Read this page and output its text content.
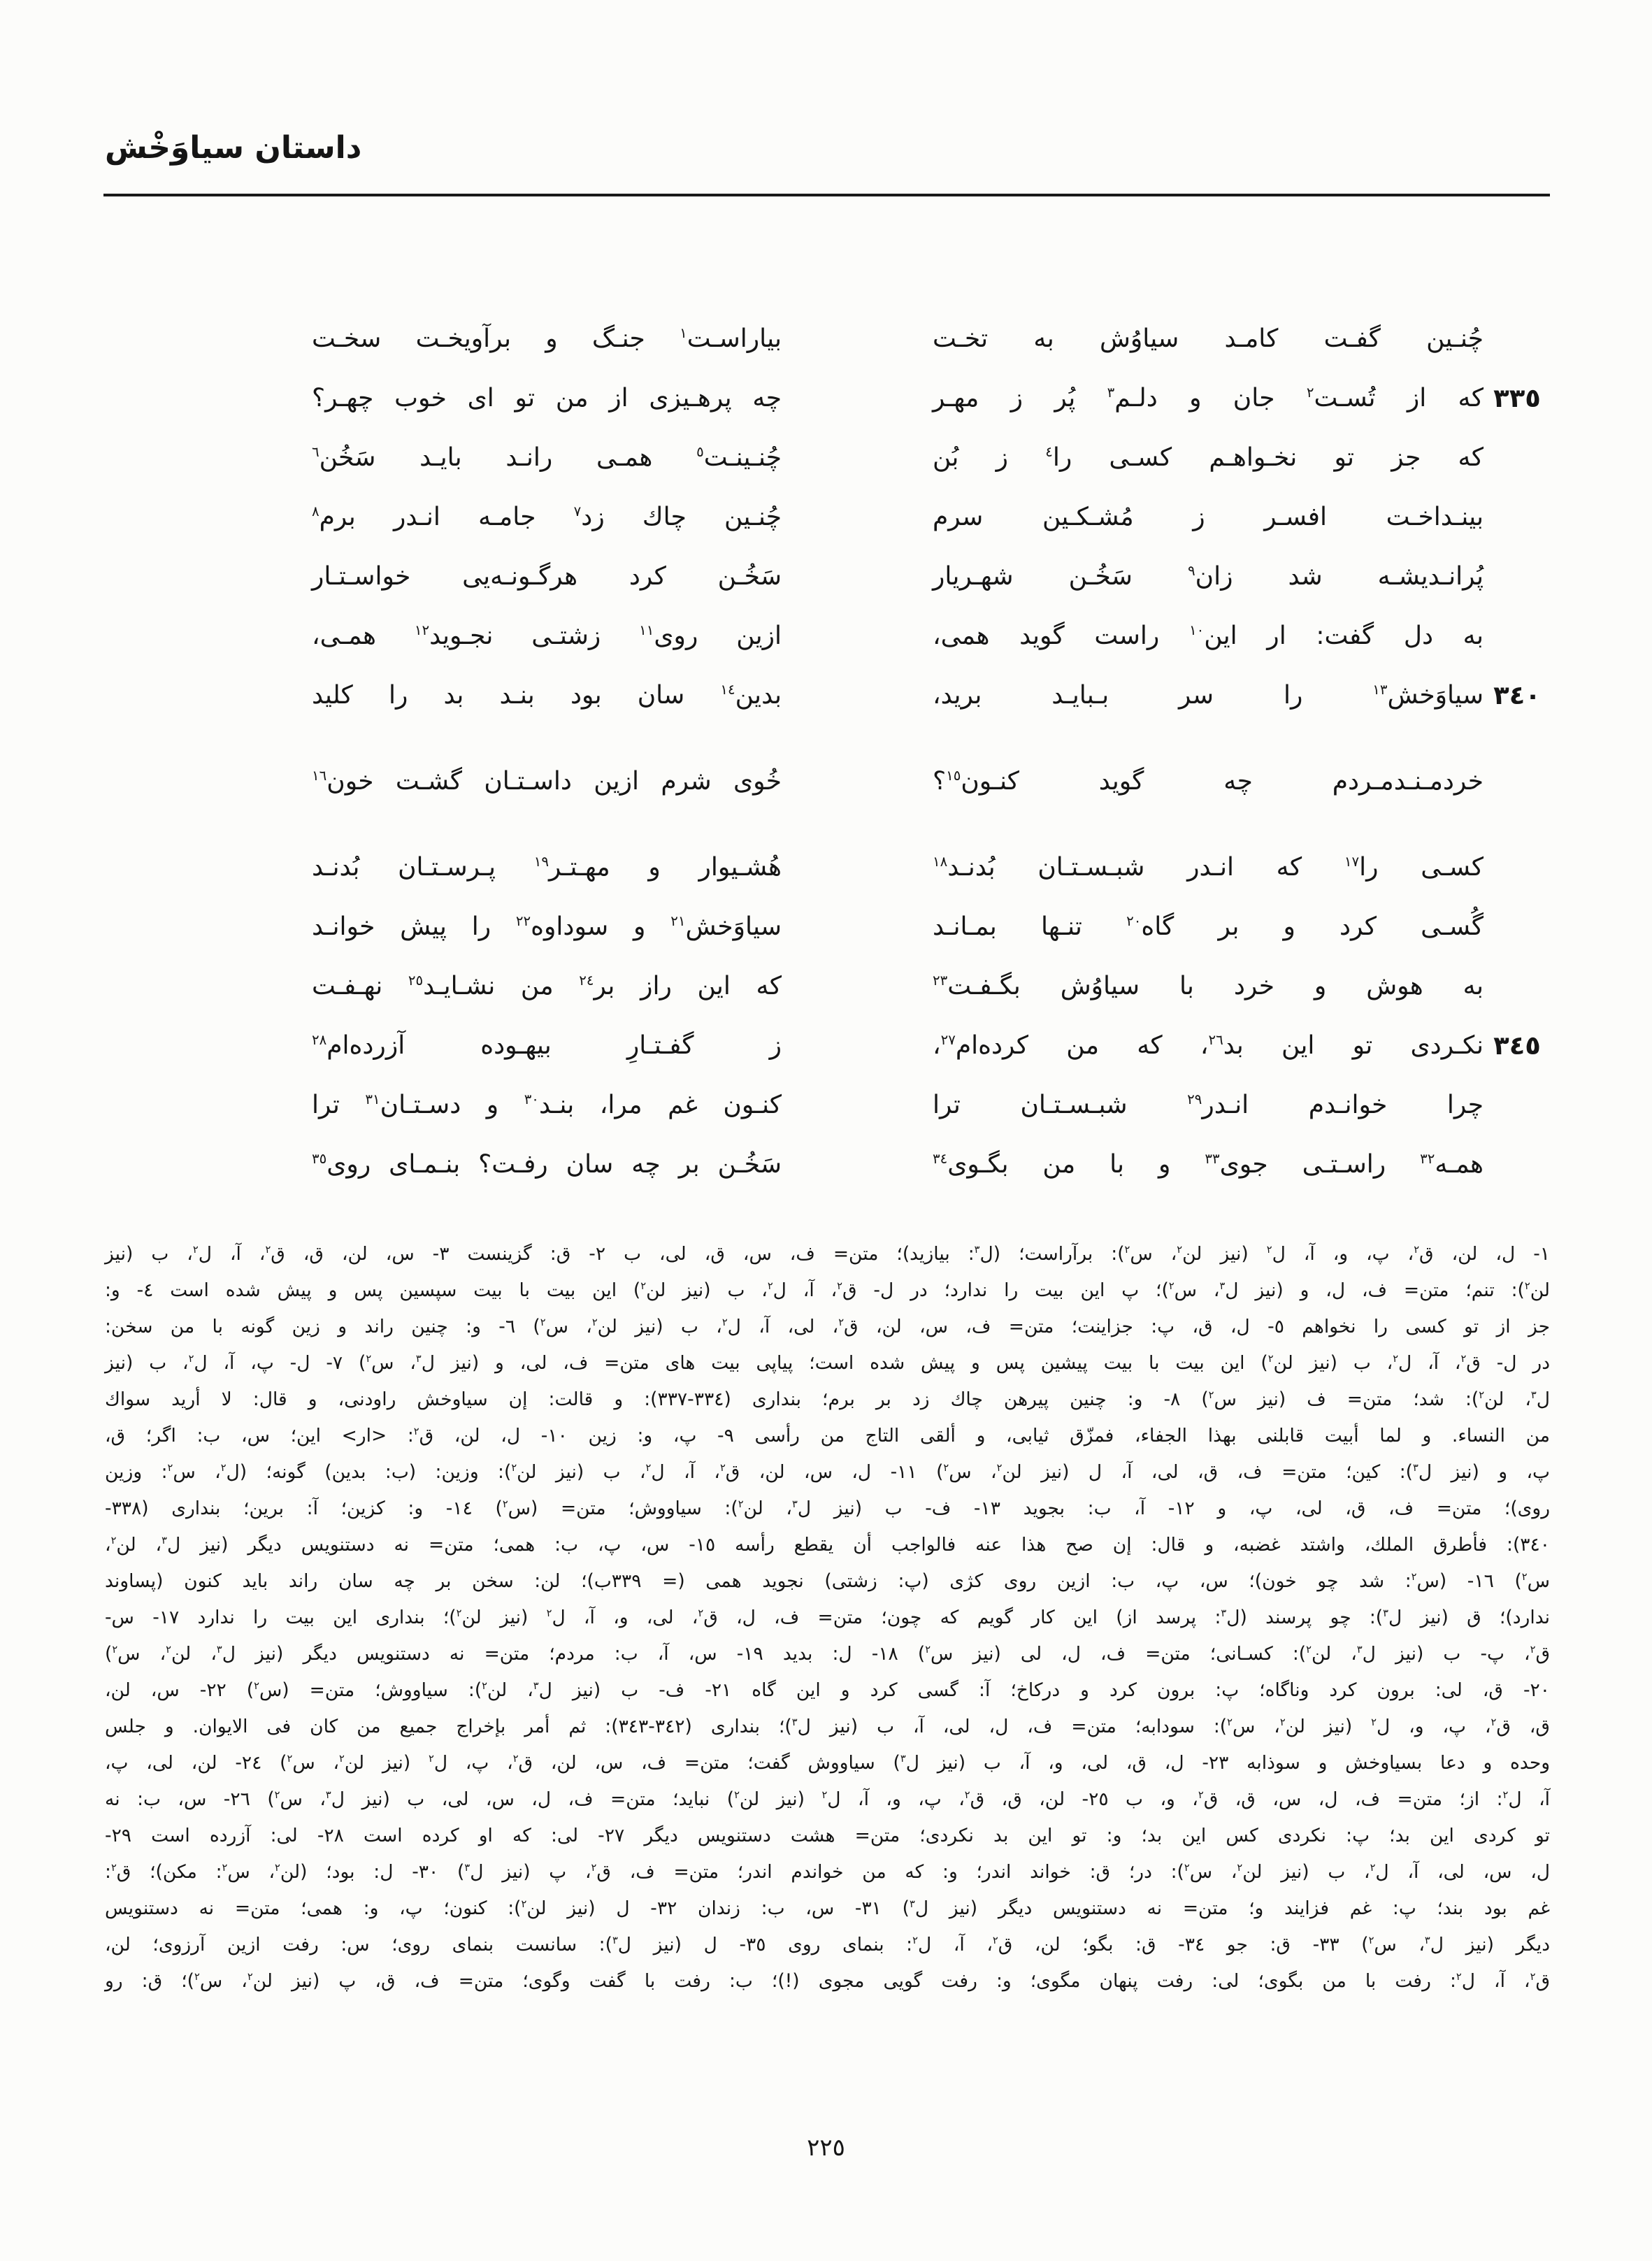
داستان سیاوَخْش
چُنـین گفـت کامـد سیاوُش به تخـت
بیاراسـت$^١$ جنـگ و برآویخـت سخـت
٣٣٥
که از تُسـت$^٢$ جان و دلـم$^٣$ پُر ز مهـر
چه پرهـیزی از من تو ای خوب چهـر؟
که جز تو نخـواهـم کسـی را$^٤$ ز بُن
چُنـینـت$^٥$ همـی رانـد بایـد سَخُن$^٦$
بینـداخـت افسـر ز مُشـکـین سرم
چُنـین چاك زد$^٧$ جامـه انـدر برم$^٨$
پُرانـدیشـه شد زان$^٩$ سَخُـن شهـریار
سَخُـن کرد هرگـونـه‌یی خواسـتـار
به دل گفت: ار این$^{١٠}$ راست گوید همی،
ازین روی$^{١١}$ زشتـی نجـوید$^{١٢}$ همـی،
٣٤٠
سیاوَخش$^{١٣}$ را سر بـبایـد برید،
بدین$^{١٤}$ سان بود بنـد بد را کلید
خردمـنـدمـردم چه گوید کنـون$^{١٥}$؟
خُوی شرم ازین داسـتـان گشـت خون$^{١٦}$
کسـی را$^{١٧}$ که انـدر شبـسـتـان بُدنـد$^{١٨}$
هُشـیوار و مهـتـر$^{١٩}$ پـرسـتـان بُدنـد
گُسـی کرد و بر گاه$^{٢٠}$ تنـها بمـانـد
سیاوَخش$^{٢١}$ و سوداوه$^{٢٢}$ را پیش خوانـد
به هوش و خرد با سیاوُش بگـفـت$^{٢٣}$
که این راز بر$^{٢٤}$ من نشـایـد$^{٢٥}$ نهـفـت
٣٤٥
نکـردی تو این بد$^{٢٦}$، که من کرده‌ام$^{٢٧}$،
ز گفـتـارِ بیهـوده آزرده‌ام$^{٢٨}$
چرا خوانـدم انـدر$^{٢٩}$ شبـسـتـان ترا
کنـون غم مرا، بنـد$^{٣٠}$ و دسـتـان$^{٣١}$ ترا
همـه$^{٣٢}$ راسـتـی جوی$^{٣٣}$ و با من بگـوی$^{٣٤}$
سَخُـن بر چه سان رفـت؟ بنـمـای روی$^{٣٥}$
١- ل، لن، ق$^٢$، پ، و، آ، ل$^٢$ (نیز لن$^٢$، س$^٢$): برآراست؛ (ل$^٣$: بیازید)؛ متن= ف، س، ق، لی، ب ٢- ق: گزینست ٣- س، لن، ق، ق$^٢$، آ، ل$^٢$، ب (نیز
لن$^٢$): تنم؛ متن= ف، ل، و (نیز ل$^٣$، س$^٢$)؛ پ این بیت را ندارد؛ در ل- ق$^٢$، آ، ل$^٢$، ب (نیز لن$^٢$) این بیت با بیت سپسین پس و پیش شده است ٤- و:
جز از تو کسی را نخواهم ٥- ل، ق، پ: جزاینت؛ متن= ف، س، لن، ق$^٢$، لی، آ، ل$^٢$، ب (نیز لن$^٢$، س$^٢$) ٦- و: چنین راند و زین گونه با من سخن:
در ل- ق$^٢$، آ، ل$^٢$، ب (نیز لن$^٢$) این بیت با بیت پیشین پس و پیش شده است؛ پیاپی بیت های متن= ف، لی، و (نیز ل$^٣$، س$^٢$) ٧- ل- پ، آ، ل$^٢$، ب (نیز
ل$^٣$، لن$^٢$): شد؛ متن= ف (نیز س$^٢$) ٨- و: چنین پیرهن چاك زد بر برم؛ بنداری (٣٣٤-٣٣٧): و قالت: إن سیاوخش راودنی، و قال: لا أرید سواك
من النساء. و لما أبیت قابلنی بهذا الجفاء، فمزّق ثیابی، و ألقی التاج من رأسی ٩- پ، و: زین ١٠- ل، لن، ق$^٢$: <ار> این؛ س، ب: اگر؛ ق،
پ، و (نیز ل$^٣$): کین؛ متن= ف، ق، لی، آ، ل (نیز لن$^٢$، س$^٢$) ١١- ل، س، لن، ق$^٢$، آ، ل$^٢$، ب (نیز لن$^٢$): وزین: (ب: بدین) گونه؛ (ل$^٢$، س$^٢$: وزین
روی)؛ متن= ف، ق، لی، پ، و ١٢- آ، ب: بجوید ١٣- ف- ب (نیز ل$^٣$، لن$^٢$): سیاووش؛ متن= (س$^٢$) ١٤- و: کزین؛ آ: برین؛ بنداری (٣٣٨-
٣٤٠): فأطرق الملك، واشتد غضبه، و قال: إن صح هذا عنه فالواجب أن یقطع رأسه ١٥- س، پ، ب: همی؛ متن= نه دستنویس دیگر (نیز ل$^٣$، لن$^٢$،
س$^٢$) ١٦- (س$^٢$: شد چو خون)؛ س، پ، ب: ازین روی کژی (پ: زشتی) نجوید همی (= ٣٣٩ب)؛ لن: سخن بر چه سان راند باید کنون (پساوند
ندارد)؛ ق (نیز ل$^٣$): چو پرسند (ل$^٣$: پرسد از) این کار گویم که چون؛ متن= ف، ل، ق$^٢$، لی، و، آ، ل$^٢$ (نیز لن$^٢$)؛ بنداری این بیت را ندارد ١٧- س-
ق$^٢$، پ- ب (نیز ل$^٣$، لن$^٢$): کسـانی؛ متن= ف، ل، لی (نیز س$^٢$) ١٨- ل: بدید ١٩- س، آ، ب: مردم؛ متن= نه دستنویس دیگر (نیز ل$^٣$، لن$^٢$، س$^٢$)
٢٠- ق، لی: برون کرد وناگاه؛ پ: برون کرد و درکاخ؛ آ: گسی کرد و این گاه ٢١- ف- ب (نیز ل$^٣$، لن$^٢$): سیاووش؛ متن= (س$^٢$) ٢٢- س، لن،
ق، ق$^٢$، پ، و، ل$^٢$ (نیز لن$^٢$، س$^٢$): سودابه؛ متن= ف، ل، لی، آ، ب (نیز ل$^٣$)؛ بنداری (٣٤٢-٣٤٣): ثم أمر بإخراج جمیع من کان فی الایوان. و جلس
وحده و دعا بسیاوخش و سوذابه ٢٣- ل، ق، لی، و، آ، ب (نیز ل$^٣$) سیاووش گفت؛ متن= ف، س، لن، ق$^٢$، پ، ل$^٢$ (نیز لن$^٢$، س$^٢$) ٢٤- لن، لی، پ،
آ، ل$^٢$: از؛ متن= ف، ل، س، ق، ق$^٢$، و، ب ٢٥- لن، ق، ق$^٢$، پ، و، آ، ل$^٢$ (نیز لن$^٢$) نباید؛ متن= ف، ل، س، لی، ب (نیز ل$^٣$، س$^٢$) ٢٦- س، ب: نه
تو کردی این بد؛ پ: نکردی کس این بد؛ و: تو این بد نکردی؛ متن= هشت دستنویس دیگر ٢٧- لی: که او کرده است ٢٨- لی: آزرده است ٢٩-
ل، س، لی، آ، ل$^٢$، ب (نیز لن$^٢$، س$^٢$): در؛ ق: خواند اندر؛ و: که من خواندم اندر؛ متن= ف، ق$^٢$، پ (نیز ل$^٣$) ٣٠- ل: بود؛ (لن$^٢$، س$^٢$: مکن)؛ ق$^٢$:
غم بود بند؛ پ: غم فزایند و؛ متن= نه دستنویس دیگر (نیز ل$^٣$) ٣١- س، ب: زندان ٣٢- ل (نیز لن$^٢$): کنون؛ پ، و: همی؛ متن= نه دستنویس
دیگر (نیز ل$^٣$، س$^٢$) ٣٣- ق: جو ٣٤- ق: بگو؛ لن، ق$^٢$، آ، ل$^٢$: بنمای روی ٣٥- ل (نیز ل$^٣$): سانست بنمای روی؛ س: رفت ازین آرزوی؛ لن،
ق$^٢$، آ، ل$^٢$: رفت با من بگوی؛ لی: رفت پنهان مگوی؛ و: رفت گویی مجوی (!)؛ ب: رفت با گفت وگوی؛ متن= ف، ق، پ (نیز لن$^٢$، س$^٢$)؛ ق: رو
٢٢٥
